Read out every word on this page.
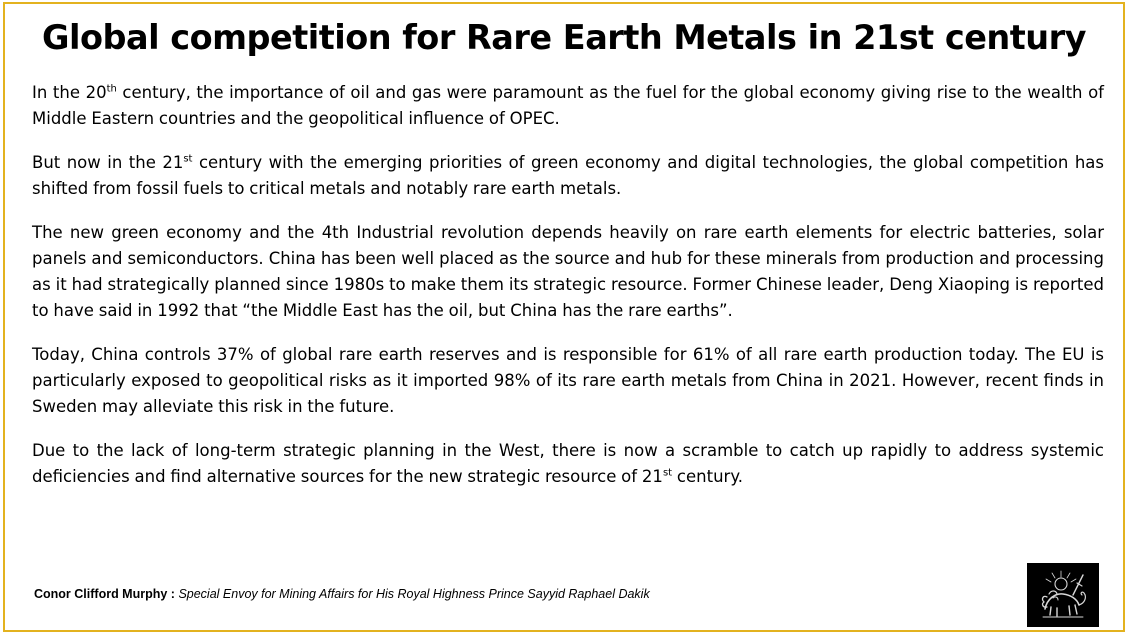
Global competition for Rare Earth Metals in 21st century

In the 20th century, the importance of oil and gas were paramount as the fuel for the global economy giving rise to the wealth of Middle Eastern countries and the geopolitical influence of OPEC.

But now in the 21st century with the emerging priorities of green economy and digital technologies, the global competition has shifted from fossil fuels to critical metals and notably rare earth metals.

The new green economy and the 4th Industrial revolution depends heavily on rare earth elements for electric batteries, solar panels and semiconductors. China has been well placed as the source and hub for these minerals from production and processing as it had strategically planned since 1980s to make them its strategic resource. Former Chinese leader, Deng Xiaoping is reported to have said in 1992 that “the Middle East has the oil, but China has the rare earths”.

Today, China controls 37% of global rare earth reserves and is responsible for 61% of all rare earth production today. The EU is particularly exposed to geopolitical risks as it imported 98% of its rare earth metals from China in 2021. However, recent finds in Sweden may alleviate this risk in the future.

Due to the lack of long-term strategic planning in the West, there is now a scramble to catch up rapidly to address systemic deficiencies and find alternative sources for the new strategic resource of 21st century.

Conor Clifford Murphy : Special Envoy for Mining Affairs for His Royal Highness Prince Sayyid Raphael Dakik
